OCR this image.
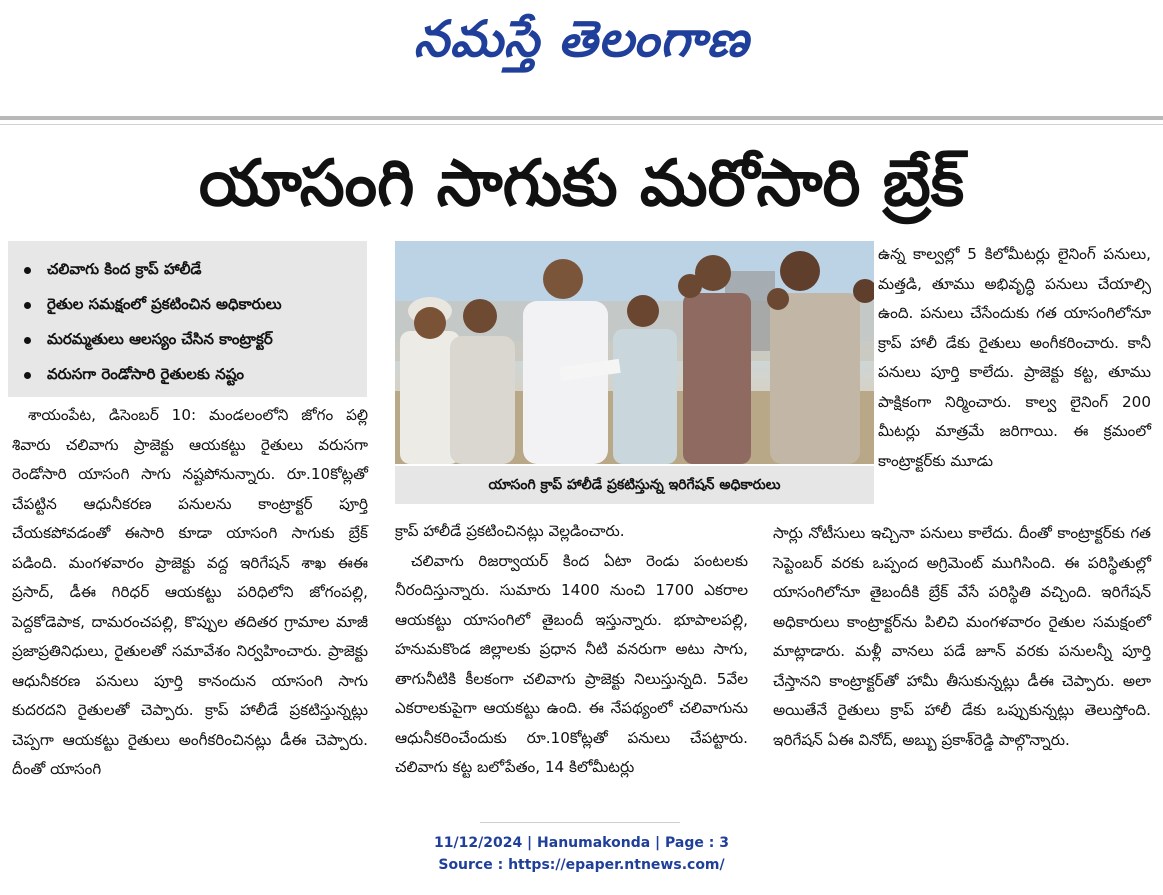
నమస్తే తెలంగాణ
యాసంగి సాగుకు మరోసారి బ్రేక్
చలివాగు కింద క్రాప్ హాలీడే
రైతుల సమక్షంలో ప్రకటించిన అధికారులు
మరమ్మతులు ఆలస్యం చేసిన కాంట్రాక్టర్
వరుసగా రెండోసారి రైతులకు నష్టం
యాసంగి క్రాప్ హాలీడే ప్రకటిస్తున్న ఇరిగేషన్ అధికారులు

శాయంపేట, డిసెంబర్ 10: మండలంలోని జోగం పల్లి శివారు చలివాగు ప్రాజెక్టు ఆయకట్టు రైతులు వరుసగా రెండోసారి యాసంగి సాగు నష్టపోనున్నారు. రూ.10కోట్లతో చేపట్టిన ఆధునీకరణ పనులను కాంట్రాక్టర్ పూర్తి చేయకపోవడంతో ఈసారి కూడా యాసంగి సాగుకు బ్రేక్ పడింది. మంగళవారం ప్రాజెక్టు వద్ద ఇరిగేషన్ శాఖ ఈఈ ప్రసాద్, డీఈ గిరిధర్ ఆయకట్టు పరిధిలోని జోగంపల్లి, పెద్దకోడెపాక, దామరంచపల్లి, కొప్పుల తదితర గ్రామాల మాజీ ప్రజాప్రతినిధులు, రైతులతో సమావేశం నిర్వహించారు. ప్రాజెక్టు ఆధునీకరణ పనులు పూర్తి కానందున యాసంగి సాగు కుదరదని రైతులతో చెప్పారు. క్రాప్ హాలీడే ప్రకటిస్తున్నట్లు చెప్పగా ఆయకట్టు రైతులు అంగీకరించినట్లు డీఈ చెప్పారు. దీంతో యాసంగి

క్రాప్ హాలీడే ప్రకటించినట్లు వెల్లడించారు.

చలివాగు రిజర్వాయర్ కింద ఏటా రెండు పంటలకు నీరందిస్తున్నారు. సుమారు 1400 నుంచి 1700 ఎకరాల ఆయకట్టు యాసంగిలో తైబందీ ఇస్తున్నారు. భూపాలపల్లి, హనుమకొండ జిల్లాలకు ప్రధాన నీటి వనరుగా అటు సాగు, తాగునీటికి కీలకంగా చలివాగు ప్రాజెక్టు నిలుస్తున్నది. 5వేల ఎకరాలకుపైగా ఆయకట్టు ఉంది. ఈ నేపథ్యంలో చలివాగును ఆధునీకరించేందుకు రూ.10కోట్లతో పనులు చేపట్టారు. చలివాగు కట్ట బలోపేతం, 14 కిలోమీటర్లు

ఉన్న కాల్వల్లో 5 కిలోమీటర్లు లైనింగ్ పనులు, మత్తడి, తూము అభివృద్ధి పనులు చేయాల్సి ఉంది. పనులు చేసేందుకు గత యాసంగిలోనూ క్రాప్ హాలీ డేకు రైతులు అంగీకరించారు. కానీ పనులు పూర్తి కాలేదు. ప్రాజెక్టు కట్ట, తూము పాక్షికంగా నిర్మించారు. కాల్వ లైనింగ్ 200 మీటర్లు మాత్రమే జరిగాయి. ఈ క్రమంలో కాంట్రాక్టర్‌కు మూడు

సార్లు నోటీసులు ఇచ్చినా పనులు కాలేదు. దీంతో కాంట్రాక్టర్‌కు గత సెప్టెంబర్ వరకు ఒప్పంద అగ్రిమెంట్ ముగిసింది. ఈ పరిస్థితుల్లో యాసంగిలోనూ తైబందీకి బ్రేక్ వేసే పరిస్థితి వచ్చింది. ఇరిగేషన్ అధికారులు కాంట్రాక్టర్‌ను పిలిచి మంగళవారం రైతుల సమక్షంలో మాట్లాడారు. మళ్లీ వానలు పడే జూన్ వరకు పనులన్నీ పూర్తి చేస్తానని కాంట్రాక్టర్‌తో హామీ తీసుకున్నట్లు డీఈ చెప్పారు. అలా అయితేనే రైతులు క్రాప్ హాలీ డేకు ఒప్పుకున్నట్లు తెలుస్తోంది. ఇరిగేషన్ ఏఈ వినోద్, అబ్బు ప్రకాశ్‌రెడ్డి పాల్గొన్నారు.

11/12/2024 | Hanumakonda | Page : 3
Source : https://epaper.ntnews.com/
